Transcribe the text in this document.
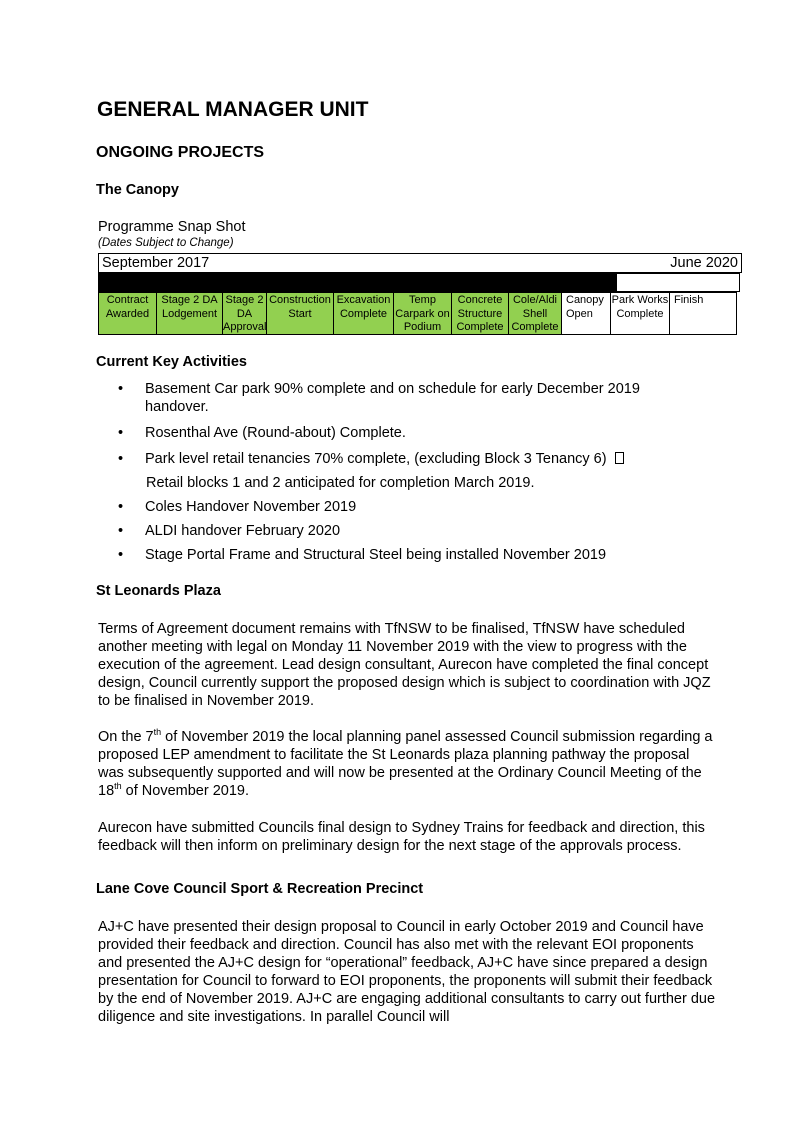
GENERAL MANAGER UNIT
ONGOING PROJECTS
The Canopy
Programme Snap Shot
(Dates Subject to Change)
September 2017	June 2020
Contract Awarded
Stage 2 DA Lodgement
Stage 2 DA Approval
Construction Start
Excavation Complete
Temp Carpark on Podium
Concrete Structure Complete
Cole/Aldi Shell Complete
Canopy Open
Park Works Complete
Finish
Current Key Activities
• Basement Car park 90% complete and on schedule for early December 2019 handover.
• Rosenthal Ave (Round-about) Complete.
• Park level retail tenancies 70% complete, (excluding Block 3 Tenancy 6)
• Coles Handover November 2019
• ALDI handover February 2020
• Stage Portal Frame and Structural Steel being installed November 2019
Retail blocks 1 and 2 anticipated for completion March 2019.
St Leonards Plaza

Terms of Agreement document remains with TfNSW to be finalised, TfNSW have scheduled another meeting with legal on Monday 11 November 2019 with the view to progress with the execution of the agreement. Lead design consultant, Aurecon have completed the final concept design, Council currently support the proposed design which is subject to coordination with JQZ to be finalised in November 2019.

On the 7th of November 2019 the local planning panel assessed Council submission regarding a proposed LEP amendment to facilitate the St Leonards plaza planning pathway the proposal was subsequently supported and will now be presented at the Ordinary Council Meeting of the 18th of November 2019.

Aurecon have submitted Councils final design to Sydney Trains for feedback and direction, this feedback will then inform on preliminary design for the next stage of the approvals process.

Lane Cove Council Sport & Recreation Precinct

AJ+C have presented their design proposal to Council in early October 2019 and Council have provided their feedback and direction. Council has also met with the relevant EOI proponents and presented the AJ+C design for “operational” feedback, AJ+C have since prepared a design presentation for Council to forward to EOI proponents, the proponents will submit their feedback by the end of November 2019. AJ+C are engaging additional consultants to carry out further due diligence and site investigations. In parallel Council will
